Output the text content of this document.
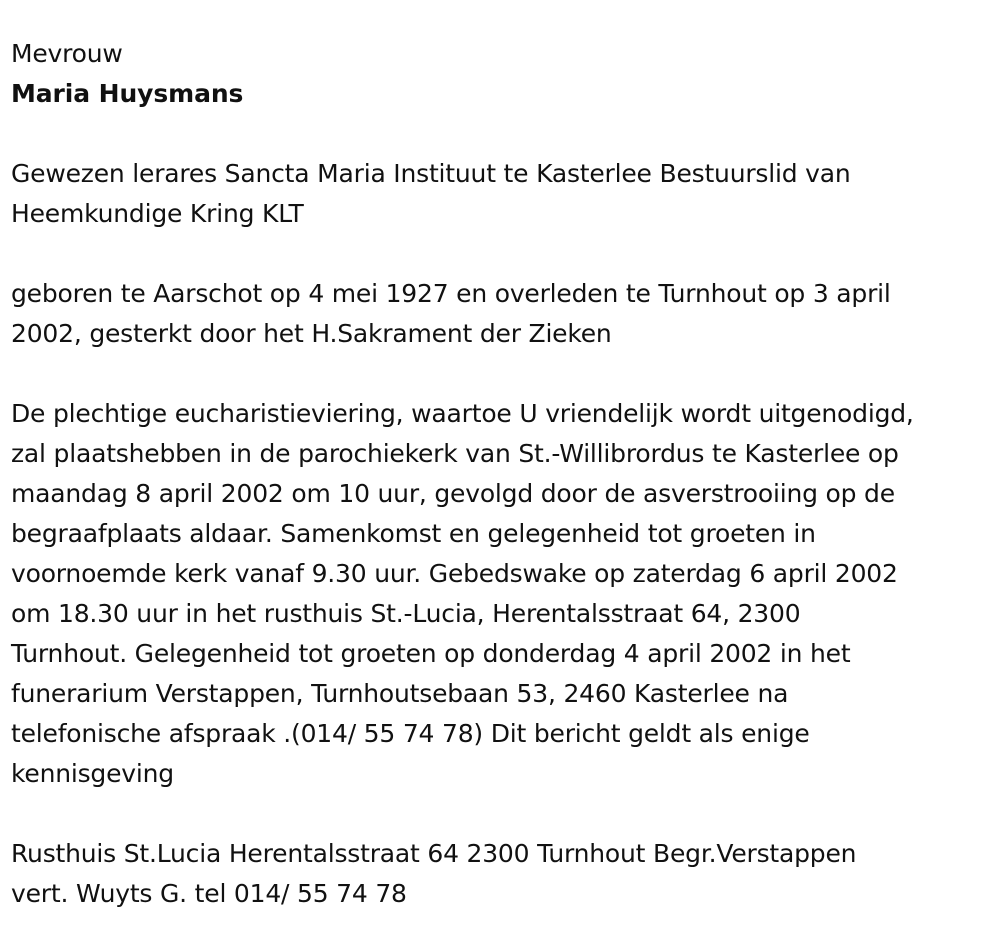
Mevrouw
Maria Huysmans
Gewezen lerares Sancta Maria Instituut te Kasterlee Bestuurslid van
Heemkundige Kring KLT
geboren te Aarschot op 4 mei 1927 en overleden te Turnhout op 3 april
2002, gesterkt door het H.Sakrament der Zieken
De plechtige eucharistieviering, waartoe U vriendelijk wordt uitgenodigd,
zal plaatshebben in de parochiekerk van St.-Willibrordus te Kasterlee op
maandag 8 april 2002 om 10 uur, gevolgd door de asverstrooiing op de
begraafplaats aldaar. Samenkomst en gelegenheid tot groeten in
voornoemde kerk vanaf 9.30 uur. Gebedswake op zaterdag 6 april 2002
om 18.30 uur in het rusthuis St.-Lucia, Herentalsstraat 64, 2300
Turnhout. Gelegenheid tot groeten op donderdag 4 april 2002 in het
funerarium Verstappen, Turnhoutsebaan 53, 2460 Kasterlee na
telefonische afspraak .(014/ 55 74 78) Dit bericht geldt als enige
kennisgeving
Rusthuis St.Lucia Herentalsstraat 64 2300 Turnhout Begr.Verstappen
vert. Wuyts G. tel 014/ 55 74 78
